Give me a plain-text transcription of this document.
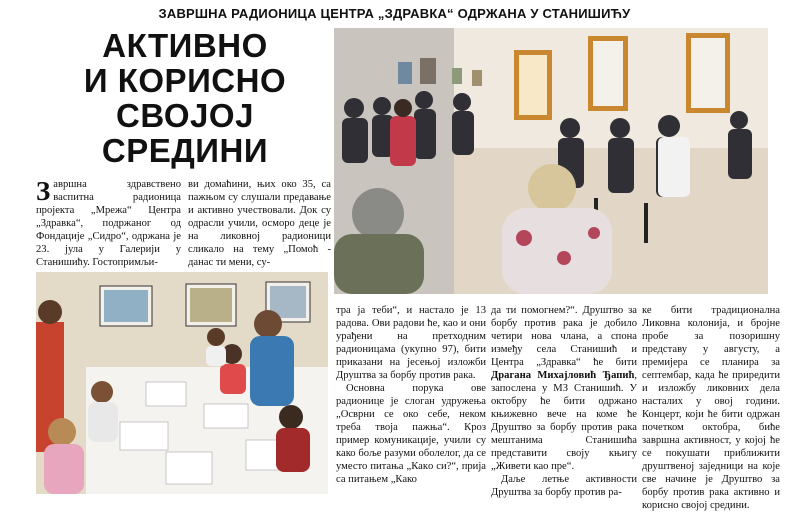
ЗАВРШНА РАДИОНИЦА ЦЕНТРА „ЗДРАВКА“ ОДРЖАНА У СТАНИШИЋУ
АКТИВНО
И КОРИСНО
СВОЈОЈ
СРЕДИНИ

Завршна здравствено васпитна радионица пројекта „Мрежа“ Центра „Здравка“, подржаног од Фондације „Сидро“, одржана је 23. јула у Галерији у Станишићу. Гостопримљи-

ви домаћини, њих око 35, са пажњом су слушали предавање и активно учествовали. Док су одрасли учили, осморо деце је на ликовној радионици сликало на тему „Помоћ - данас ти мени, су-

тра ја теби“, и настало је 13 радова. Ови радови ће, као и они урађени на претходним радионицама (укупно 97), бити приказани на јесењој изложби Друштва за борбу против рака.

Основна порука ове радионице је слоган удружења „Осврни се око себе, неком треба твоја пажња“. Кроз пример комуникације, учили су како боље разуми оболелог, да се уместо питања „Какo си?“, прија са питањем „Како

да ти помогнем?“. Друштво за борбу против рака је добило четири нова члана, а спона између села Станишић и Центра „Здравка“ ће бити Драгана Михајловић Ђапић, запослена у МЗ Станишић. У октобру ће бити одржано књижевно вече на коме ће Друштво за борбу против рака мештанима Станишића представити своју књигу „Живети као пре“.

Даље летње активности Друштва за борбу против ра-

ке бити традиционална Ликовна колонија, и бројне пробе за позоришну представу у августу, а премијера се планира за септембар, када ће приредити и изложбу ликовних дела насталих у овој години. Концерт, који ће бити одржан почетком октобра, биће завршна активност, у којој ће се покушати приближити друштвеној заједници на које све начине је Друштво за борбу против рака активно и корисно својој средини.
